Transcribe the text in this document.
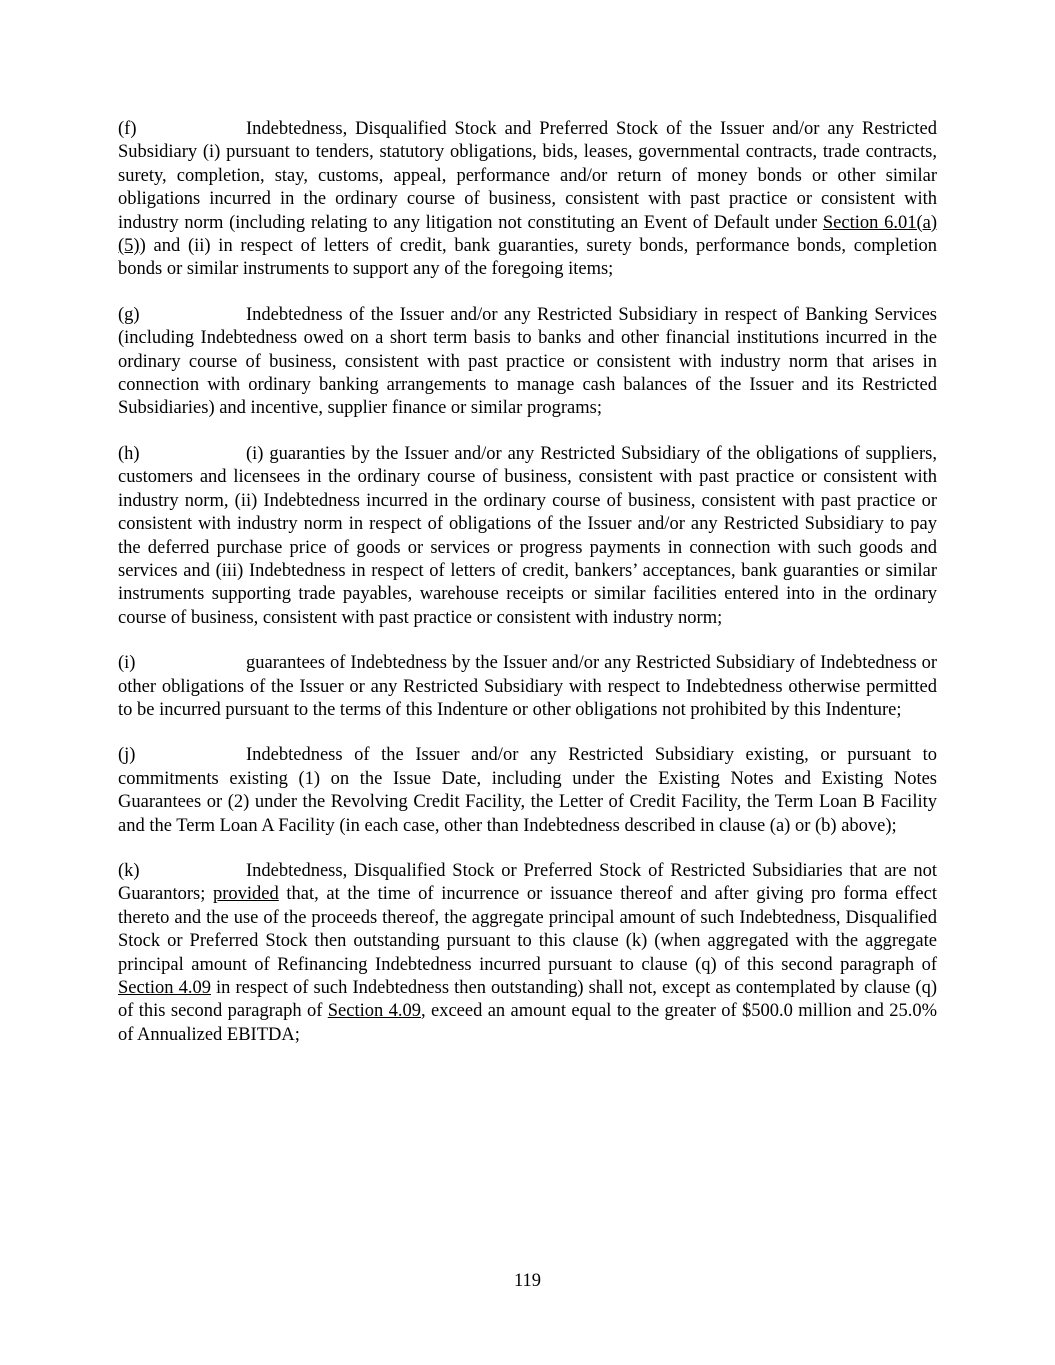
(f)	Indebtedness, Disqualified Stock and Preferred Stock of the Issuer and/or any Restricted Subsidiary (i) pursuant to tenders, statutory obligations, bids, leases, governmental contracts, trade contracts, surety, completion, stay, customs, appeal, performance and/or return of money bonds or other similar obligations incurred in the ordinary course of business, consistent with past practice or consistent with industry norm (including relating to any litigation not constituting an Event of Default under Section 6.01(a)(5)) and (ii) in respect of letters of credit, bank guaranties, surety bonds, performance bonds, completion bonds or similar instruments to support any of the foregoing items;
(g)	Indebtedness of the Issuer and/or any Restricted Subsidiary in respect of Banking Services (including Indebtedness owed on a short term basis to banks and other financial institutions incurred in the ordinary course of business, consistent with past practice or consistent with industry norm that arises in connection with ordinary banking arrangements to manage cash balances of the Issuer and its Restricted Subsidiaries) and incentive, supplier finance or similar programs;
(h)	(i) guaranties by the Issuer and/or any Restricted Subsidiary of the obligations of suppliers, customers and licensees in the ordinary course of business, consistent with past practice or consistent with industry norm, (ii) Indebtedness incurred in the ordinary course of business, consistent with past practice or consistent with industry norm in respect of obligations of the Issuer and/or any Restricted Subsidiary to pay the deferred purchase price of goods or services or progress payments in connection with such goods and services and (iii) Indebtedness in respect of letters of credit, bankers’ acceptances, bank guaranties or similar instruments supporting trade payables, warehouse receipts or similar facilities entered into in the ordinary course of business, consistent with past practice or consistent with industry norm;
(i)	guarantees of Indebtedness by the Issuer and/or any Restricted Subsidiary of Indebtedness or other obligations of the Issuer or any Restricted Subsidiary with respect to Indebtedness otherwise permitted to be incurred pursuant to the terms of this Indenture or other obligations not prohibited by this Indenture;
(j)	Indebtedness of the Issuer and/or any Restricted Subsidiary existing, or pursuant to commitments existing (1) on the Issue Date, including under the Existing Notes and Existing Notes Guarantees or (2) under the Revolving Credit Facility, the Letter of Credit Facility, the Term Loan B Facility and the Term Loan A Facility (in each case, other than Indebtedness described in clause (a) or (b) above);
(k)	Indebtedness, Disqualified Stock or Preferred Stock of Restricted Subsidiaries that are not Guarantors; provided that, at the time of incurrence or issuance thereof and after giving pro forma effect thereto and the use of the proceeds thereof, the aggregate principal amount of such Indebtedness, Disqualified Stock or Preferred Stock then outstanding pursuant to this clause (k) (when aggregated with the aggregate principal amount of Refinancing Indebtedness incurred pursuant to clause (q) of this second paragraph of Section 4.09 in respect of such Indebtedness then outstanding) shall not, except as contemplated by clause (q) of this second paragraph of Section 4.09, exceed an amount equal to the greater of $500.0 million and 25.0% of Annualized EBITDA;
119
